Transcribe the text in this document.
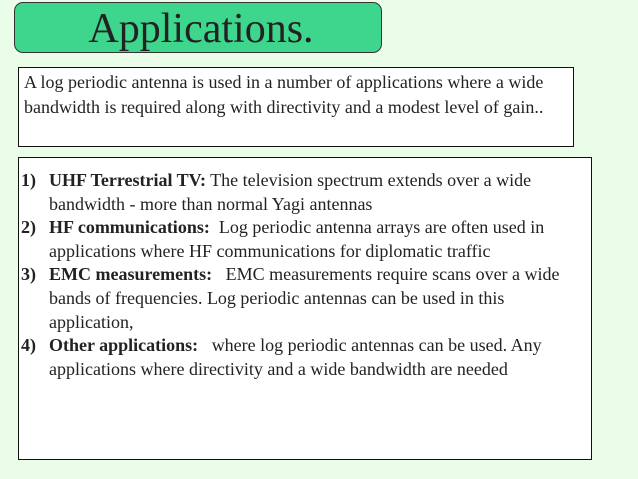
Applications.
A log periodic antenna is used in a number of applications where a wide bandwidth is required along with directivity and a modest level of gain..
1) UHF Terrestrial TV: The television spectrum extends over a wide bandwidth - more than normal Yagi antennas
2) HF communications:  Log periodic antenna arrays are often used in applications where HF communications for diplomatic traffic
3) EMC measurements:   EMC measurements require scans over a wide bands of frequencies. Log periodic antennas can be used in this application,
4) Other applications:   where log periodic antennas can be used. Any applications where directivity and a wide bandwidth are needed
